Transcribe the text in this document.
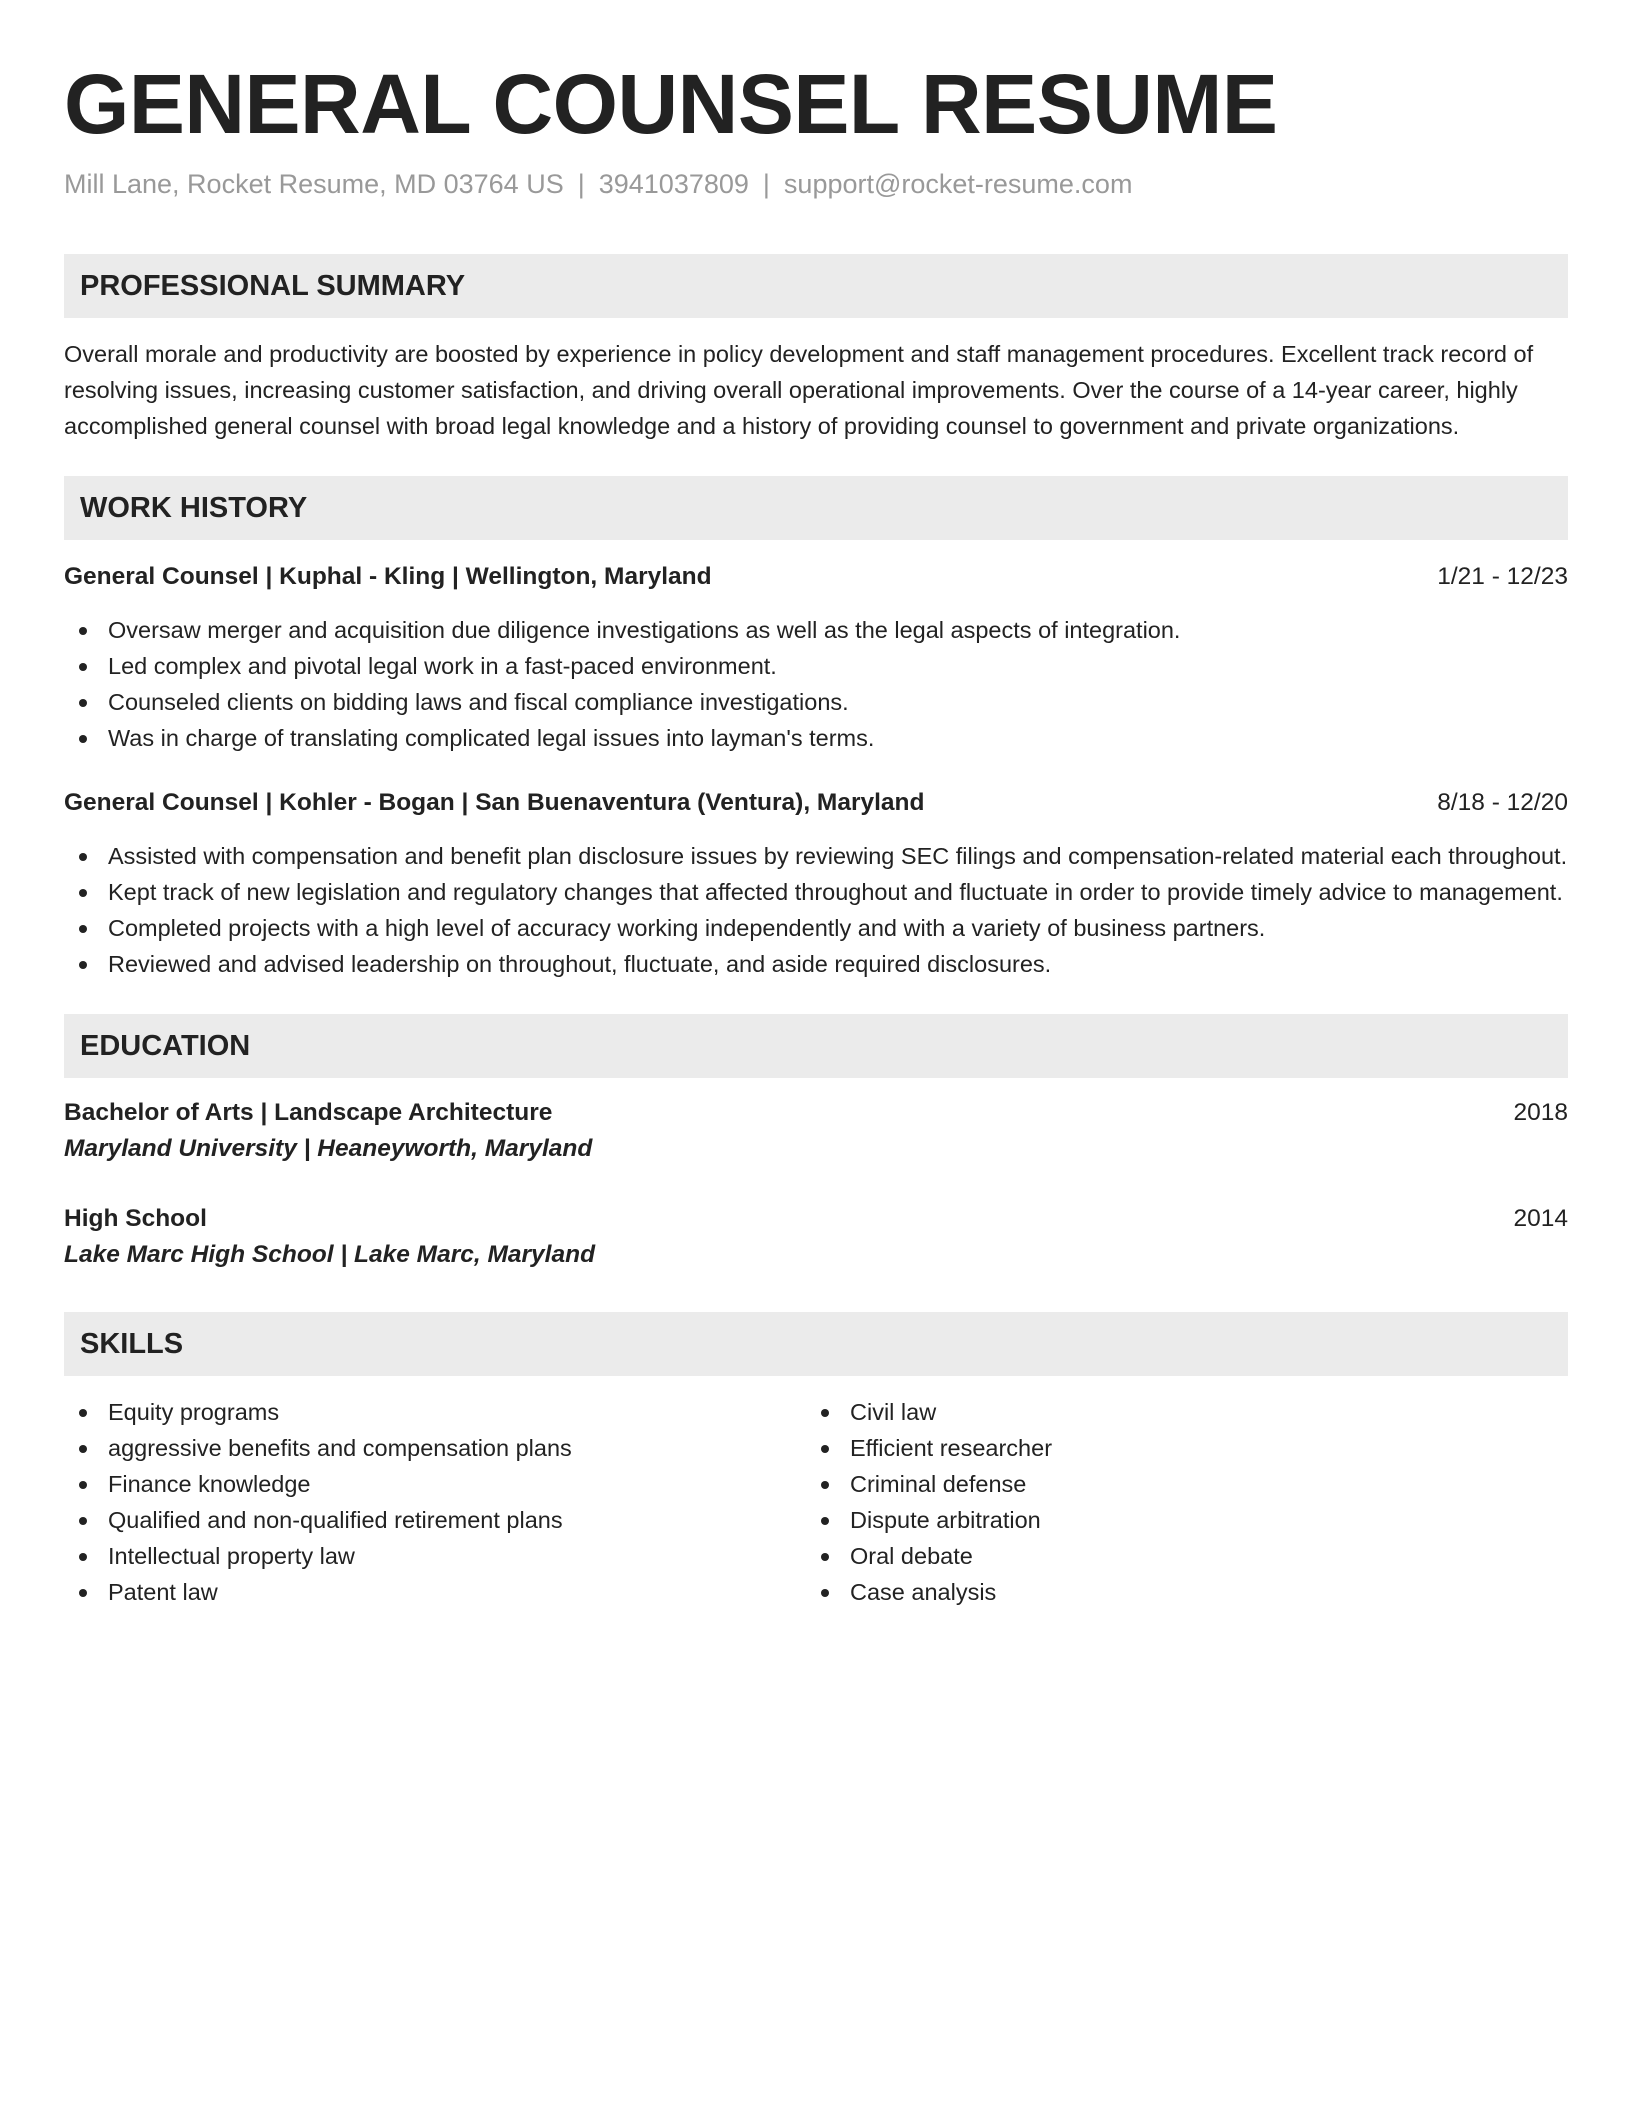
GENERAL COUNSEL RESUME
Mill Lane, Rocket Resume, MD 03764 US | 3941037809 | support@rocket-resume.com
PROFESSIONAL SUMMARY

Overall morale and productivity are boosted by experience in policy development and staff management procedures. Excellent track record of resolving issues, increasing customer satisfaction, and driving overall operational improvements. Over the course of a 14-year career, highly accomplished general counsel with broad legal knowledge and a history of providing counsel to government and private organizations.

WORK HISTORY
General Counsel | Kuphal - Kling | Wellington, Maryland	1/21 - 12/23
Oversaw merger and acquisition due diligence investigations as well as the legal aspects of integration.
Led complex and pivotal legal work in a fast-paced environment.
Counseled clients on bidding laws and fiscal compliance investigations.
Was in charge of translating complicated legal issues into layman's terms.
General Counsel | Kohler - Bogan | San Buenaventura (Ventura), Maryland	8/18 - 12/20
Assisted with compensation and benefit plan disclosure issues by reviewing SEC filings and compensation-related material each throughout.
Kept track of new legislation and regulatory changes that affected throughout and fluctuate in order to provide timely advice to management.
Completed projects with a high level of accuracy working independently and with a variety of business partners.
Reviewed and advised leadership on throughout, fluctuate, and aside required disclosures.
EDUCATION
Bachelor of Arts | Landscape Architecture	2018
Maryland University | Heaneyworth, Maryland
High School	2014
Lake Marc High School | Lake Marc, Maryland
SKILLS
Equity programs
aggressive benefits and compensation plans
Finance knowledge
Qualified and non-qualified retirement plans
Intellectual property law
Patent law
Civil law
Efficient researcher
Criminal defense
Dispute arbitration
Oral debate
Case analysis
